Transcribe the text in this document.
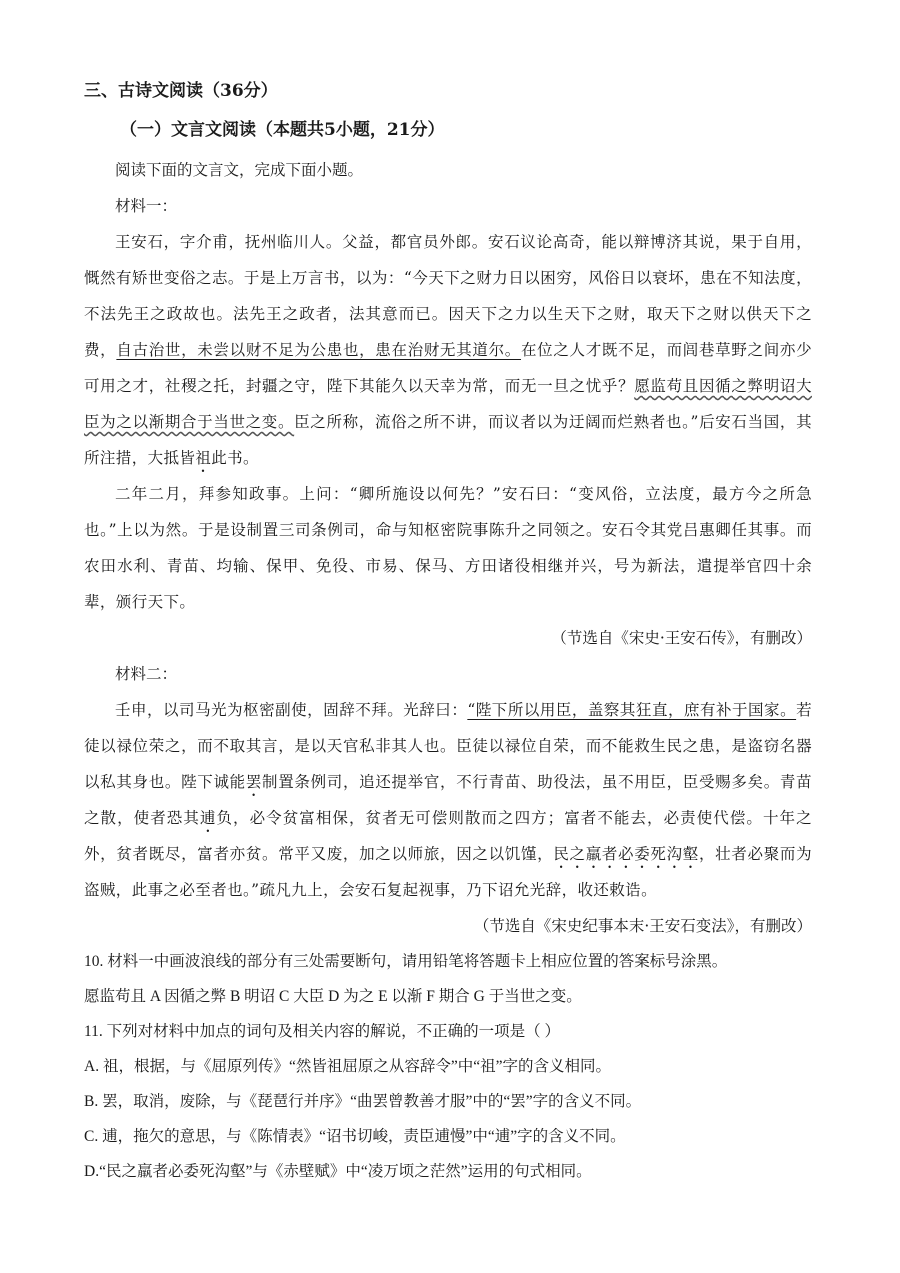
三、古诗文阅读（36分）
（一）文言文阅读（本题共5小题，21分）

阅读下面的文言文，完成下面小题。

材料一：

王安石，字介甫，抚州临川人。父益，都官员外郎。安石议论高奇，能以辩博济其说，果于自用，慨然有矫世变俗之志。于是上万言书，以为：“今天下之财力日以困穷，风俗日以衰坏，患在不知法度，不法先王之政故也。法先王之政者，法其意而已。因天下之力以生天下之财，取天下之财以供天下之费，自古治世，未尝以财不足为公患也，患在治财无其道尔。在位之人才既不足，而闾巷草野之间亦少可用之才，社稷之托，封疆之守，陛下其能久以天幸为常，而无一旦之忧乎？愿监苟且因循之弊明诏大臣为之以渐期合于当世之变。臣之所称，流俗之所不讲，而议者以为迂阔而烂熟者也。”后安石当国，其所注措，大抵皆祖此书。

二年二月，拜参知政事。上问：“卿所施设以何先？”安石曰：“变风俗，立法度，最方今之所急也。”上以为然。于是设制置三司条例司，命与知枢密院事陈升之同领之。安石令其党吕惠卿任其事。而农田水利、青苗、均输、保甲、免役、市易、保马、方田诸役相继并兴，号为新法，遣提举官四十余辈，颁行天下。

（节选自《宋史·王安石传》，有删改）

材料二：

壬申，以司马光为枢密副使，固辞不拜。光辞曰：“陛下所以用臣，盖察其狂直，庶有补于国家。若徒以禄位荣之，而不取其言，是以天官私非其人也。臣徒以禄位自荣，而不能救生民之患，是盗窃名器以私其身也。陛下诚能罢制置条例司，追还提举官，不行青苗、助役法，虽不用臣，臣受赐多矣。青苗之散，使者恐其逋负，必令贫富相保，贫者无可偿则散而之四方；富者不能去，必责使代偿。十年之外，贫者既尽，富者亦贫。常平又废，加之以师旅，因之以饥馑，民之羸者必委死沟壑，壮者必聚而为盗贼，此事之必至者也。”疏凡九上，会安石复起视事，乃下诏允光辞，收还敕诰。

（节选自《宋史纪事本末·王安石变法》，有删改）

10. 材料一中画波浪线的部分有三处需要断句，请用铅笔将答题卡上相应位置的答案标号涂黑。

愿监苟且 A 因循之弊 B 明诏 C 大臣 D 为之 E 以渐 F 期合 G 于当世之变。

11. 下列对材料中加点的词句及相关内容的解说，不正确的一项是（ ）

A. 祖，根据，与《屈原列传》“然皆祖屈原之从容辞令”中“祖”字的含义相同。

B. 罢，取消，废除，与《琵琶行并序》“曲罢曾教善才服”中的“罢”字的含义不同。

C. 逋，拖欠的意思，与《陈情表》“诏书切峻，责臣逋慢”中“逋”字的含义不同。

D.“民之羸者必委死沟壑”与《赤壁赋》中“凌万顷之茫然”运用的句式相同。
